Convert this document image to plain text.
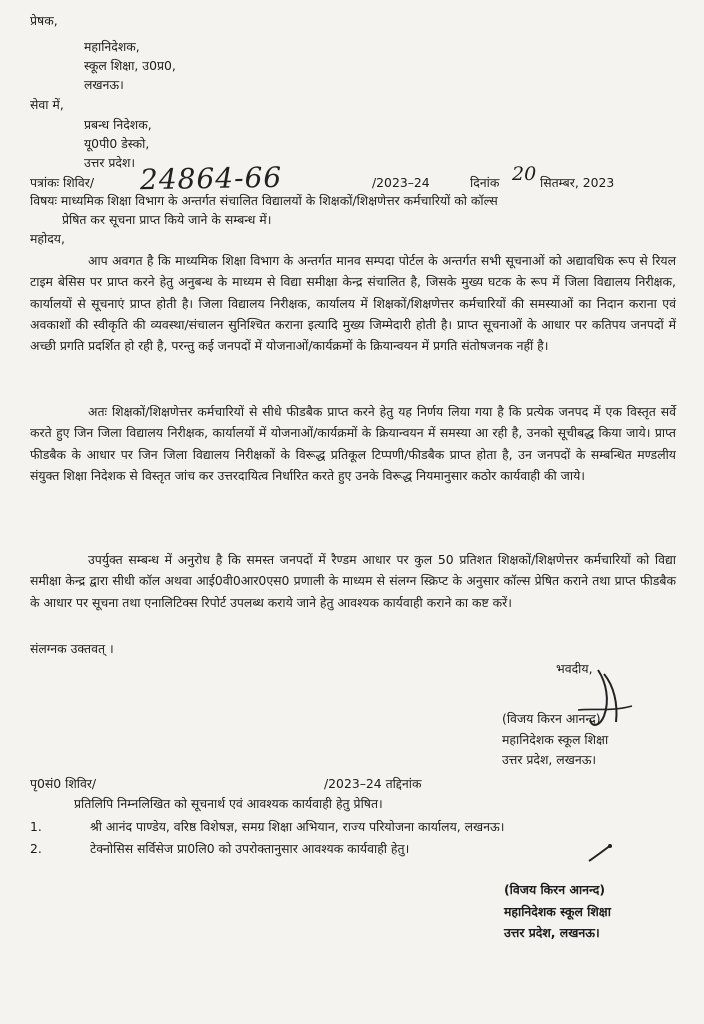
प्रेषक,
महानिदेशक,
स्कूल शिक्षा, उ0प्र0,
लखनऊ।
सेवा में,
प्रबन्ध निदेशक,
यू0पी0 डेस्को,
उत्तर प्रदेश।
पत्रांकः शिविर/ 24864-66	/2023–24	दिनांक 20 सितम्बर, 2023
विषयः माध्यमिक शिक्षा विभाग के अन्तर्गत संचालित विद्यालयों के शिक्षकों/शिक्षणेत्तर कर्मचारियों को कॉल्स
प्रेषित कर सूचना प्राप्त किये जाने के सम्बन्ध में।
महोदय,
आप अवगत है कि माध्यमिक शिक्षा विभाग के अन्तर्गत मानव सम्पदा पोर्टल के अन्तर्गत सभी सूचनाओं को अद्यावधिक रूप से रियल टाइम बेसिस पर प्राप्त करने हेतु अनुबन्ध के माध्यम से विद्या समीक्षा केन्द्र संचालित है, जिसके मुख्य घटक के रूप में जिला विद्यालय निरीक्षक, कार्यालयों से सूचनाएं प्राप्त होती है। जिला विद्यालय निरीक्षक, कार्यालय में शिक्षकों/शिक्षणेत्तर कर्मचारियों की समस्याओं का निदान कराना एवं अवकाशों की स्वीकृति की व्यवस्था/संचालन सुनिश्चित कराना इत्यादि मुख्य जिम्मेदारी होती है। प्राप्त सूचनाओं के आधार पर कतिपय जनपदों में अच्छी प्रगति प्रदर्शित हो रही है, परन्तु कई जनपदों में योजनाओं/कार्यक्रमों के क्रियान्वयन में प्रगति संतोषजनक नहीं है।
अतः शिक्षकों/शिक्षणेत्तर कर्मचारियों से सीधे फीडबैक प्राप्त करने हेतु यह निर्णय लिया गया है कि प्रत्येक जनपद में एक विस्तृत सर्वे करते हुए जिन जिला विद्यालय निरीक्षक, कार्यालयों में योजनाओं/कार्यक्रमों के क्रियान्वयन में समस्या आ रही है, उनको सूचीबद्ध किया जाये। प्राप्त फीडबैक के आधार पर जिन जिला विद्यालय निरीक्षकों के विरूद्ध प्रतिकूल टिप्पणी/फीडबैक प्राप्त होता है, उन जनपदों के सम्बन्धित मण्डलीय संयुक्त शिक्षा निदेशक से विस्तृत जांच कर उत्तरदायित्व निर्धारित करते हुए उनके विरूद्ध नियमानुसार कठोर कार्यवाही की जाये।
उपर्युक्त सम्बन्ध में अनुरोध है कि समस्त जनपदों में रैण्डम आधार पर कुल 50 प्रतिशत शिक्षकों/शिक्षणेत्तर कर्मचारियों को विद्या समीक्षा केन्द्र द्वारा सीधी कॉल अथवा आई0वी0आर0एस0 प्रणाली के माध्यम से संलग्न स्क्रिप्ट के अनुसार कॉल्स प्रेषित कराने तथा प्राप्त फीडबैक के आधार पर सूचना तथा एनालिटिक्स रिपोर्ट उपलब्ध कराये जाने हेतु आवश्यक कार्यवाही कराने का कष्ट करें।
संलग्नक उक्तवत् ।
भवदीय,
(विजय किरन आनन्द)
महानिदेशक स्कूल शिक्षा
उत्तर प्रदेश, लखनऊ।
पृ0सं0 शिविर/	/2023–24 तद्दिनांक
प्रतिलिपि निम्नलिखित को सूचनार्थ एवं आवश्यक कार्यवाही हेतु प्रेषित।
1.	श्री आनंद पाण्डेय, वरिष्ठ विशेषज्ञ, समग्र शिक्षा अभियान, राज्य परियोजना कार्यालय, लखनऊ।
2.	टेक्नोसिस सर्विसेज प्रा0लि0 को उपरोक्तानुसार आवश्यक कार्यवाही हेतु।
(विजय किरन आनन्द)
महानिदेशक स्कूल शिक्षा
उत्तर प्रदेश, लखनऊ।
